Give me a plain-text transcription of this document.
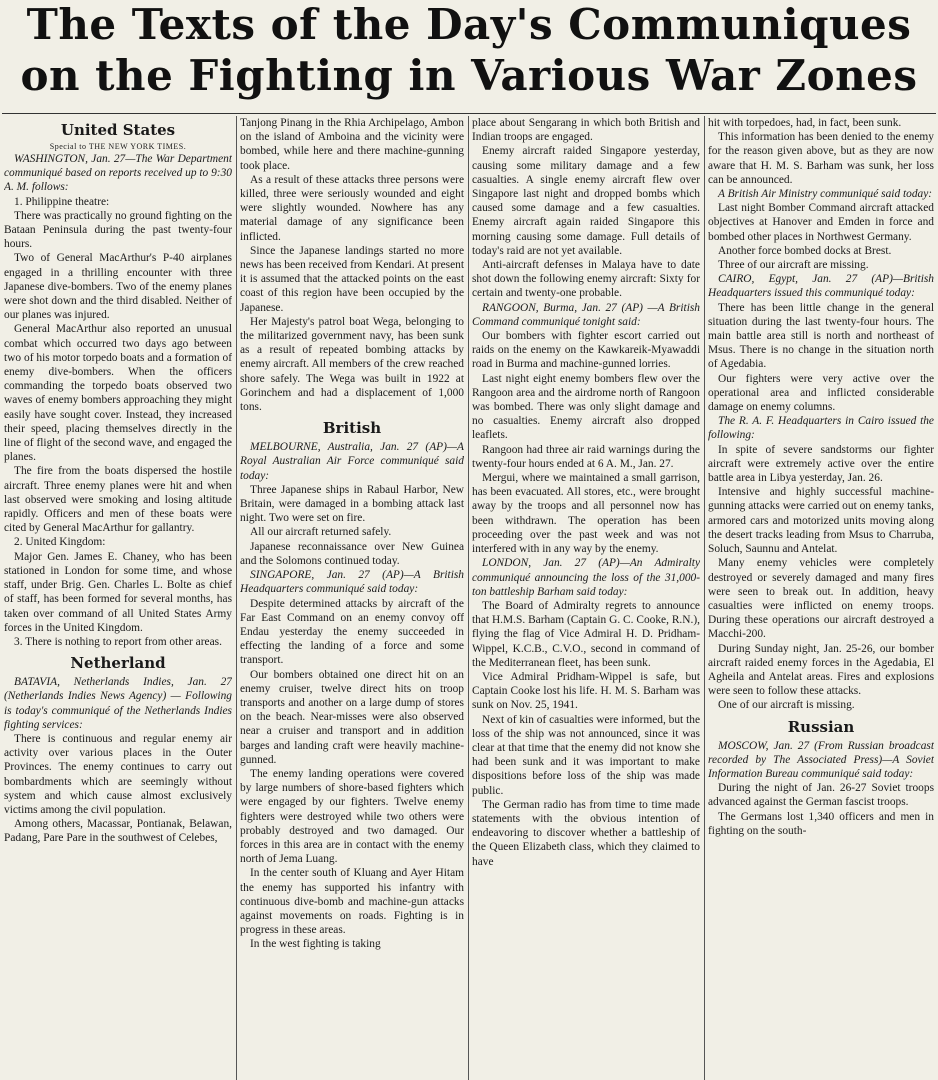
The Texts of the Day's Communiques
on the Fighting in Various War Zones
United States
Special to THE NEW YORK TIMES.

WASHINGTON, Jan. 27—The War Department communiqué based on reports received up to 9:30 A. M. follows:

1. Philippine theatre:

There was practically no ground fighting on the Bataan Peninsula during the past twenty-four hours.

Two of General MacArthur's P-40 airplanes engaged in a thrilling encounter with three Japanese dive-bombers. Two of the enemy planes were shot down and the third disabled. Neither of our planes was injured.

General MacArthur also reported an unusual combat which occurred two days ago between two of his motor torpedo boats and a formation of enemy dive-bombers. When the officers commanding the torpedo boats observed two waves of enemy bombers approaching they might easily have sought cover. Instead, they increased their speed, placing themselves directly in the line of flight of the second wave, and engaged the planes.

The fire from the boats dispersed the hostile aircraft. Three enemy planes were hit and when last observed were smoking and losing altitude rapidly. Officers and men of these boats were cited by General MacArthur for gallantry.

2. United Kingdom:

Major Gen. James E. Chaney, who has been stationed in London for some time, and whose staff, under Brig. Gen. Charles L. Bolte as chief of staff, has been formed for several months, has taken over command of all United States Army forces in the United Kingdom.

3. There is nothing to report from other areas.

Netherland

BATAVIA, Netherlands Indies, Jan. 27 (Netherlands Indies News Agency) — Following is today's communiqué of the Netherlands Indies fighting services:

There is continuous and regular enemy air activity over various places in the Outer Provinces. The enemy continues to carry out bombardments which are seemingly without system and which cause almost exclusively victims among the civil population.

Among others, Macassar, Pontianak, Belawan, Padang, Pare Pare in the southwest of Celebes,

Tanjong Pinang in the Rhia Archipelago, Ambon on the island of Amboina and the vicinity were bombed, while here and there machine-gunning took place.

As a result of these attacks three persons were killed, three were seriously wounded and eight were slightly wounded. Nowhere has any material damage of any significance been inflicted.

Since the Japanese landings started no more news has been received from Kendari. At present it is assumed that the attacked points on the east coast of this region have been occupied by the Japanese.

Her Majesty's patrol boat Wega, belonging to the militarized government navy, has been sunk as a result of repeated bombing attacks by enemy aircraft. All members of the crew reached shore safely. The Wega was built in 1922 at Gorinchem and had a displacement of 1,000 tons.

British

MELBOURNE, Australia, Jan. 27 (AP)—A Royal Australian Air Force communiqué said today:

Three Japanese ships in Rabaul Harbor, New Britain, were damaged in a bombing attack last night. Two were set on fire.

All our aircraft returned safely.

Japanese reconnaissance over New Guinea and the Solomons continued today.

SINGAPORE, Jan. 27 (AP)—A British Headquarters communiqué said today:

Despite determined attacks by aircraft of the Far East Command on an enemy convoy off Endau yesterday the enemy succeeded in effecting the landing of a force and some transport.

Our bombers obtained one direct hit on an enemy cruiser, twelve direct hits on troop transports and another on a large dump of stores on the beach. Near-misses were also observed near a cruiser and transport and in addition barges and landing craft were heavily machine-gunned.

The enemy landing operations were covered by large numbers of shore-based fighters which were engaged by our fighters. Twelve enemy fighters were destroyed while two others were probably destroyed and two damaged. Our forces in this area are in contact with the enemy north of Jema Luang.

In the center south of Kluang and Ayer Hitam the enemy has supported his infantry with continuous dive-bomb and machine-gun attacks against movements on roads. Fighting is in progress in these areas.

In the west fighting is taking

place about Sengarang in which both British and Indian troops are engaged.

Enemy aircraft raided Singapore yesterday, causing some military damage and a few casualties. A single enemy aircraft flew over Singapore last night and dropped bombs which caused some damage and a few casualties. Enemy aircraft again raided Singapore this morning causing some damage. Full details of today's raid are not yet available.

Anti-aircraft defenses in Malaya have to date shot down the following enemy aircraft: Sixty for certain and twenty-one probable.

RANGOON, Burma, Jan. 27 (AP) —A British Command communiqué tonight said:

Our bombers with fighter escort carried out raids on the enemy on the Kawkareik-Myawaddi road in Burma and machine-gunned lorries.

Last night eight enemy bombers flew over the Rangoon area and the airdrome north of Rangoon was bombed. There was only slight damage and no casualties. Enemy aircraft also dropped leaflets.

Rangoon had three air raid warnings during the twenty-four hours ended at 6 A. M., Jan. 27.

Mergui, where we maintained a small garrison, has been evacuated. All stores, etc., were brought away by the troops and all personnel now has been withdrawn. The operation has been proceeding over the past week and was not interfered with in any way by the enemy.

LONDON, Jan. 27 (AP)—An Admiralty communiqué announcing the loss of the 31,000-ton battleship Barham said today:

The Board of Admiralty regrets to announce that H.M.S. Barham (Captain G. C. Cooke, R.N.), flying the flag of Vice Admiral H. D. Pridham-Wippel, K.C.B., C.V.O., second in command of the Mediterranean fleet, has been sunk.

Vice Admiral Pridham-Wippel is safe, but Captain Cooke lost his life. H. M. S. Barham was sunk on Nov. 25, 1941.

Next of kin of casualties were informed, but the loss of the ship was not announced, since it was clear at that time that the enemy did not know she had been sunk and it was important to make dispositions before loss of the ship was made public.

The German radio has from time to time made statements with the obvious intention of endeavoring to discover whether a battleship of the Queen Elizabeth class, which they claimed to have

hit with torpedoes, had, in fact, been sunk.

This information has been denied to the enemy for the reason given above, but as they are now aware that H. M. S. Barham was sunk, her loss can be announced.

A British Air Ministry communiqué said today:

Last night Bomber Command aircraft attacked objectives at Hanover and Emden in force and bombed other places in Northwest Germany.

Another force bombed docks at Brest.

Three of our aircraft are missing.

CAIRO, Egypt, Jan. 27 (AP)—British Headquarters issued this communiqué today:

There has been little change in the general situation during the last twenty-four hours. The main battle area still is north and northeast of Msus. There is no change in the situation north of Agedabia.

Our fighters were very active over the operational area and inflicted considerable damage on enemy columns.

The R. A. F. Headquarters in Cairo issued the following:

In spite of severe sandstorms our fighter aircraft were extremely active over the entire battle area in Libya yesterday, Jan. 26.

Intensive and highly successful machine-gunning attacks were carried out on enemy tanks, armored cars and motorized units moving along the desert tracks leading from Msus to Charruba, Soluch, Saunnu and Antelat.

Many enemy vehicles were completely destroyed or severely damaged and many fires were seen to break out. In addition, heavy casualties were inflicted on enemy troops. During these operations our aircraft destroyed a Macchi-200.

During Sunday night, Jan. 25-26, our bomber aircraft raided enemy forces in the Agedabia, El Agheila and Antelat areas. Fires and explosions were seen to follow these attacks.

One of our aircraft is missing.

Russian

MOSCOW, Jan. 27 (From Russian broadcast recorded by The Associated Press)—A Soviet Information Bureau communiqué said today:

During the night of Jan. 26-27 Soviet troops advanced against the German fascist troops.

The Germans lost 1,340 officers and men in fighting on the south-
